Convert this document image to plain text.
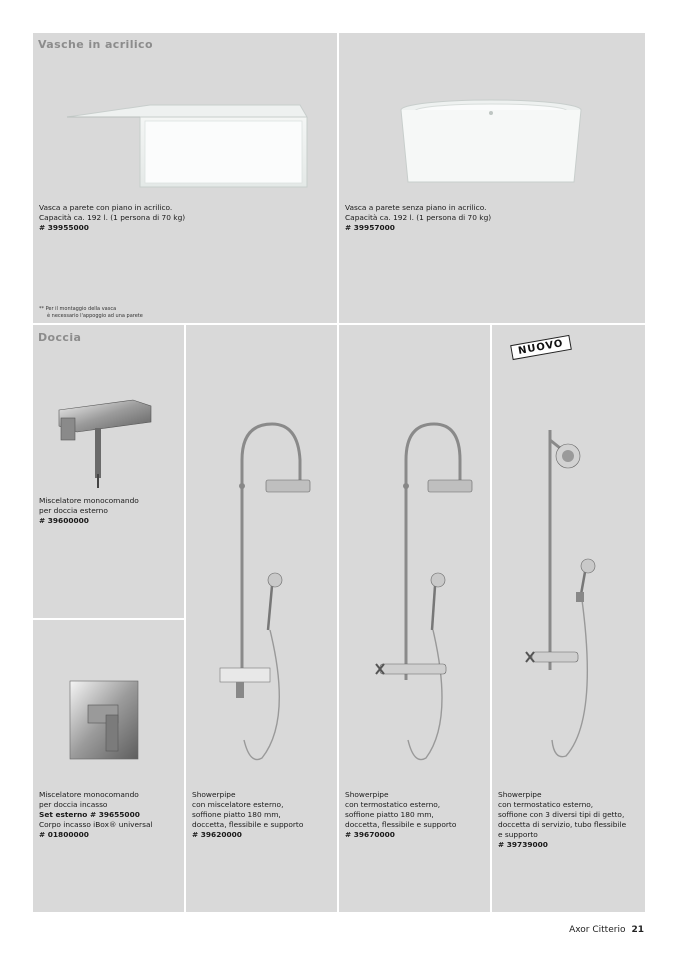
Vasche in acrilico
Doccia
Vasca a parete con piano in acrilico.
Capacità ca. 192 l. (1 persona di 70 kg)
# 39955000
Vasca a parete senza piano in acrilico.
Capacità ca. 192 l. (1 persona di 70 kg)
# 39957000
** Per il montaggio della vasca
è necessario l'appoggio ad una parete
Miscelatore monocomando
per doccia esterno
# 39600000
Miscelatore monocomando
per doccia incasso
Set esterno # 39655000
Corpo incasso iBox® universal
# 01800000
Showerpipe
con miscelatore esterno,
soffione piatto 180 mm,
doccetta, flessibile e supporto
# 39620000
Showerpipe
con termostatico esterno,
soffione piatto 180 mm,
doccetta, flessibile e supporto
# 39670000
NUOVO
Showerpipe
con termostatico esterno,
soffione con 3 diversi tipi di getto,
doccetta di servizio, tubo flessibile
e supporto
# 39739000
Axor Citterio 21
